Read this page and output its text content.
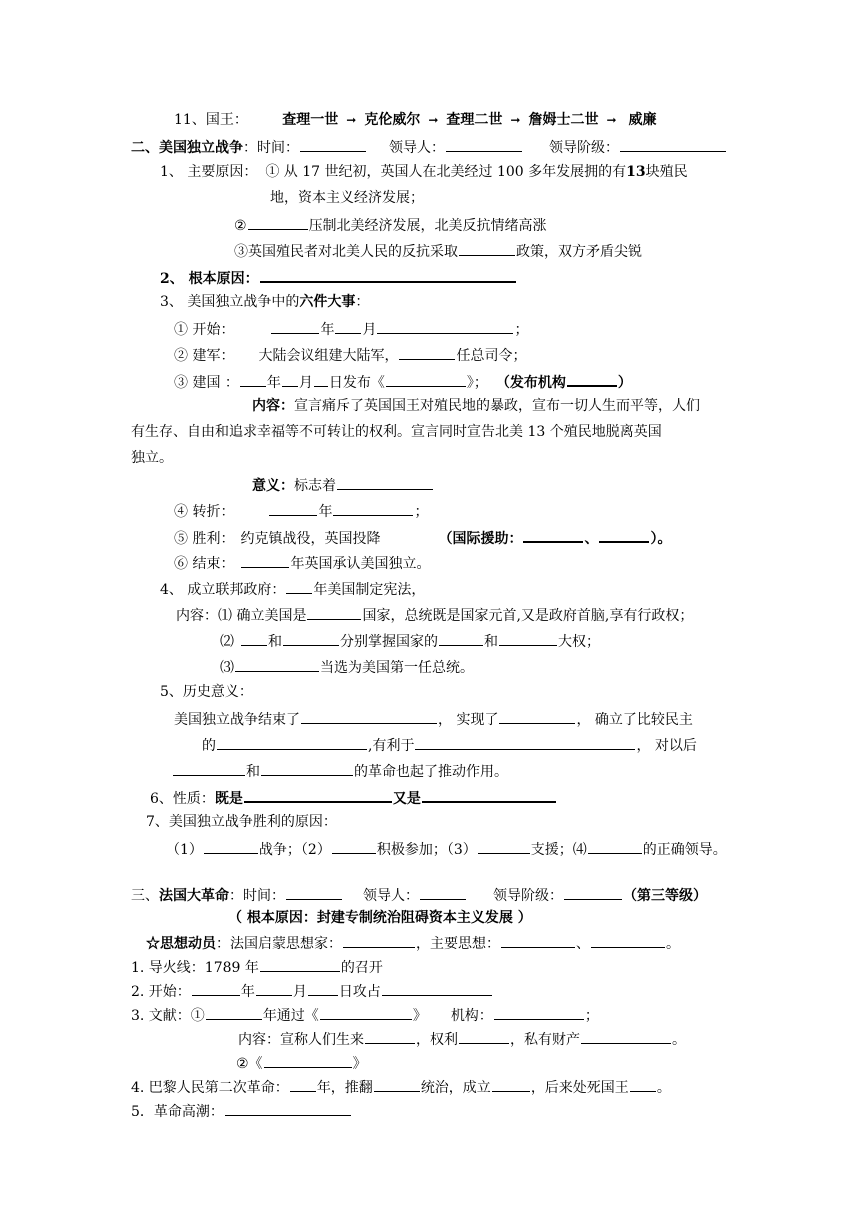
11、国王： 查理一世 ➞ 克伦威尔 ➞ 查理二世 ➞ 詹姆士二世 ➞ 威廉
二、美国独立战争：时间：	领导人：	领导阶级：
1、 主要原因： ① 从 17 世纪初，英国人在北美经过 100 多年发展拥的有13块殖民
地，资本主义经济发展；
②	压制北美经济发展，北美反抗情绪高涨
③英国殖民者对北美人民的反抗采取	政策，双方矛盾尖锐
2、 根本原因：
3、 美国独立战争中的六件大事：
① 开始：	年 月	；
② 建军： 大陆会议组建大陆军，	任总司令；
③ 建国 ： 年 月 日发布《	》； （发布机构	）
内容：宣言痛斥了英国国王对殖民地的暴政，宣布一切人生而平等，人们
有生存、自由和追求幸福等不可转让的权利。宣言同时宣告北美 13 个殖民地脱离英国
独立。
意义：标志着
④ 转折：	年	；
⑤ 胜利： 约克镇战役，英国投降	（国际援助：	、	）。
⑥ 结束：	年英国承认美国独立。
4、 成立联邦政府： 年美国制定宪法，
内容：⑴ 确立美国是	国家，总统既是国家元首,又是政府首脑,享有行政权；
⑵ 和	分别掌握国家的	和	大权；
⑶	当选为美国第一任总统。
5、历史意义：
美国独立战争结束了	， 实现了	， 确立了比较民主
的	,有利于	， 对以后
和	的革命也起了推动作用。
6、性质：既是	又是
7、美国独立战争胜利的原因：
（1）	战争；（2）	积极参加；（3）	支援；⑷	的正确领导。
三、法国大革命：时间：	领导人：	领导阶级：	（第三等级）
（ 根本原因：封建专制统治阻碍资本主义发展 ）
☆思想动员：法国启蒙思想家：	，主要思想：	、	。
1. 导火线：1789 年	的召开
2. 开始：	年	月 日攻占
3. 文献：①	年通过《	》 机构：	；
内容：宣称人们生来	，权利	，私有财产	。
②《	》
4. 巴黎人民第二次革命： 年，推翻	统治，成立	，后来处死国王 。
5．革命高潮：
